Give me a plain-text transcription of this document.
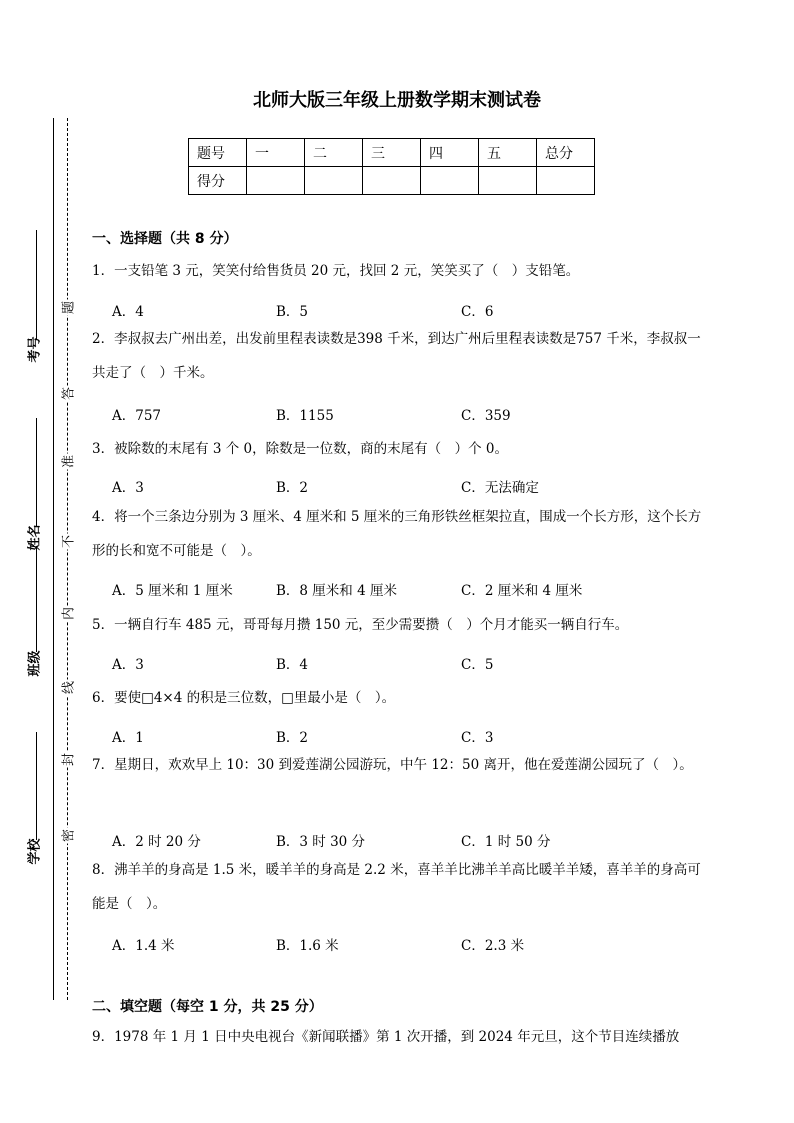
北师大版三年级上册数学期末测试卷
题号	一	二	三	四	五	总分
得分						
考号
姓名
班级
学校
题
答
准
不
内
线
封
密
一、选择题（共 8 分）
1．一支铅笔 3 元，笑笑付给售货员 20 元，找回 2 元，笑笑买了（　）支铅笔。
A．4	B．5	C．6
2．李叔叔去广州出差，出发前里程表读数是398 千米，到达广州后里程表读数是757 千米，李叔叔一共走了（　）千米。
A．757	B．1155	C．359
3．被除数的末尾有 3 个 0，除数是一位数，商的末尾有（　）个 0。
A．3	B．2	C．无法确定
4．将一个三条边分别为 3 厘米、4 厘米和 5 厘米的三角形铁丝框架拉直，围成一个长方形，这个长方形的长和宽不可能是（　）。
A．5 厘米和 1 厘米	B．8 厘米和 4 厘米	C．2 厘米和 4 厘米
5．一辆自行车 485 元，哥哥每月攒 150 元，至少需要攒（　）个月才能买一辆自行车。
A．3	B．4	C．5
6．要使□4×4 的积是三位数，□里最小是（　）。
A．1	B．2	C．3
7．星期日，欢欢早上 10：30 到爱莲湖公园游玩，中午 12：50 离开，他在爱莲湖公园玩了（　）。
A．2 时 20 分	B．3 时 30 分	C．1 时 50 分
8．沸羊羊的身高是 1.5 米，暖羊羊的身高是 2.2 米，喜羊羊比沸羊羊高比暖羊羊矮，喜羊羊的身高可能是（　）。
A．1.4 米	B．1.6 米	C．2.3 米
二、填空题（每空 1 分，共 25 分）
9．1978 年 1 月 1 日中央电视台《新闻联播》第 1 次开播，到 2024 年元旦，这个节目连续播放
